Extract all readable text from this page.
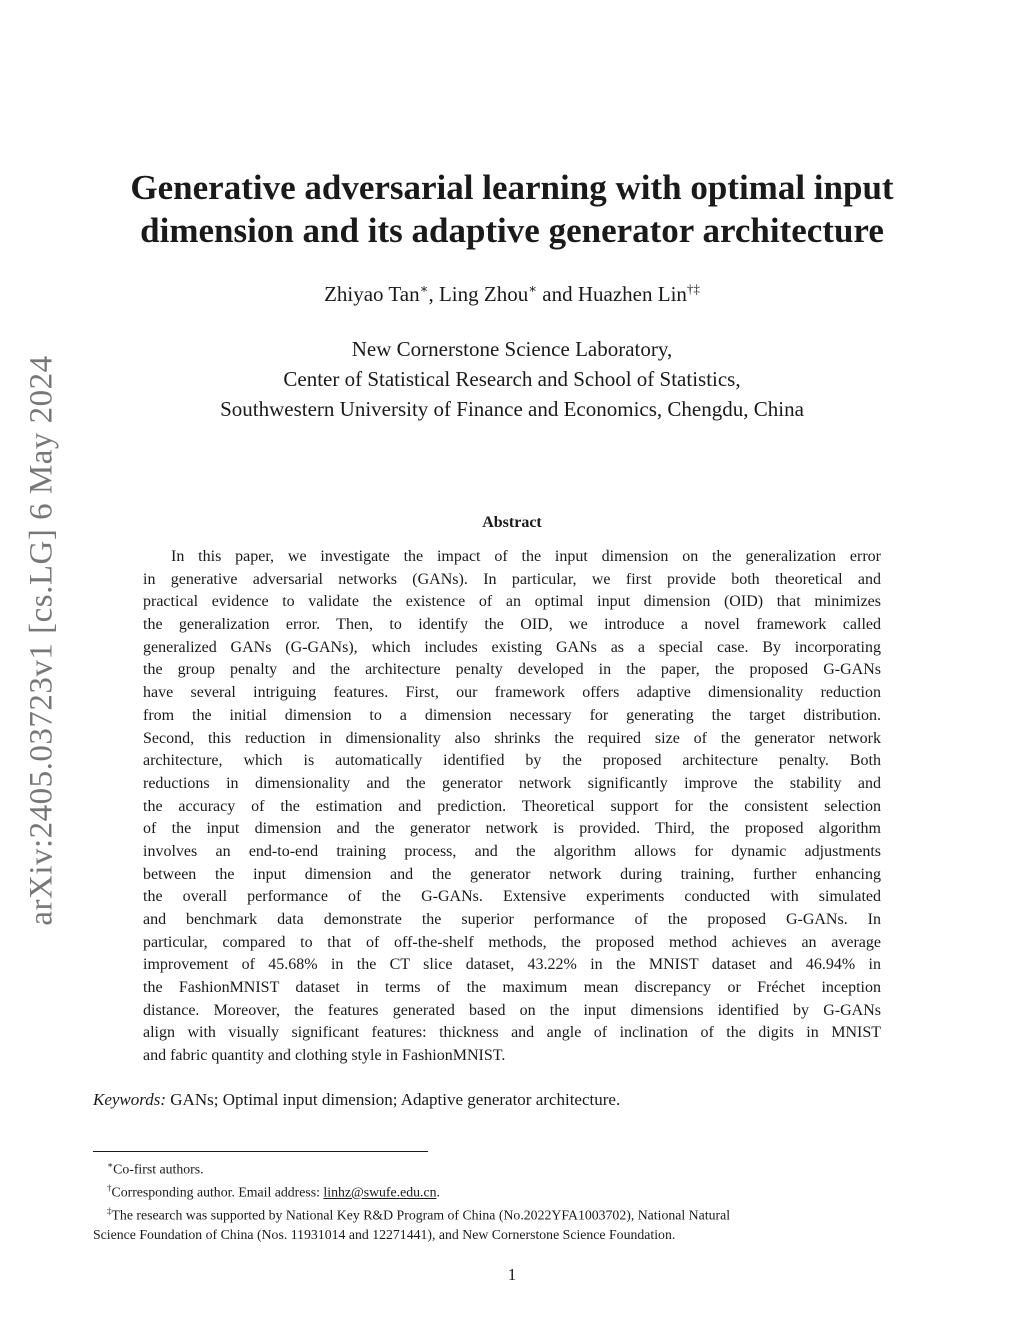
arXiv:2405.03723v1 [cs.LG] 6 May 2024
Generative adversarial learning with optimal input
dimension and its adaptive generator architecture
Zhiyao Tan∗, Ling Zhou∗ and Huazhen Lin†‡
New Cornerstone Science Laboratory,
Center of Statistical Research and School of Statistics,
Southwestern University of Finance and Economics, Chengdu, China
Abstract
In this paper, we investigate the impact of the input dimension on the generalization error
in generative adversarial networks (GANs). In particular, we first provide both theoretical and
practical evidence to validate the existence of an optimal input dimension (OID) that minimizes
the generalization error. Then, to identify the OID, we introduce a novel framework called
generalized GANs (G-GANs), which includes existing GANs as a special case. By incorporating
the group penalty and the architecture penalty developed in the paper, the proposed G-GANs
have several intriguing features. First, our framework offers adaptive dimensionality reduction
from the initial dimension to a dimension necessary for generating the target distribution.
Second, this reduction in dimensionality also shrinks the required size of the generator network
architecture, which is automatically identified by the proposed architecture penalty. Both
reductions in dimensionality and the generator network significantly improve the stability and
the accuracy of the estimation and prediction. Theoretical support for the consistent selection
of the input dimension and the generator network is provided. Third, the proposed algorithm
involves an end-to-end training process, and the algorithm allows for dynamic adjustments
between the input dimension and the generator network during training, further enhancing
the overall performance of the G-GANs. Extensive experiments conducted with simulated
and benchmark data demonstrate the superior performance of the proposed G-GANs. In
particular, compared to that of off-the-shelf methods, the proposed method achieves an average
improvement of 45.68% in the CT slice dataset, 43.22% in the MNIST dataset and 46.94% in
the FashionMNIST dataset in terms of the maximum mean discrepancy or Fréchet inception
distance. Moreover, the features generated based on the input dimensions identified by G-GANs
align with visually significant features: thickness and angle of inclination of the digits in MNIST
and fabric quantity and clothing style in FashionMNIST.
Keywords: GANs; Optimal input dimension; Adaptive generator architecture.
∗Co-first authors.
†Corresponding author. Email address: linhz@swufe.edu.cn.
‡The research was supported by National Key R&D Program of China (No.2022YFA1003702), National Natural
Science Foundation of China (Nos. 11931014 and 12271441), and New Cornerstone Science Foundation.
1
